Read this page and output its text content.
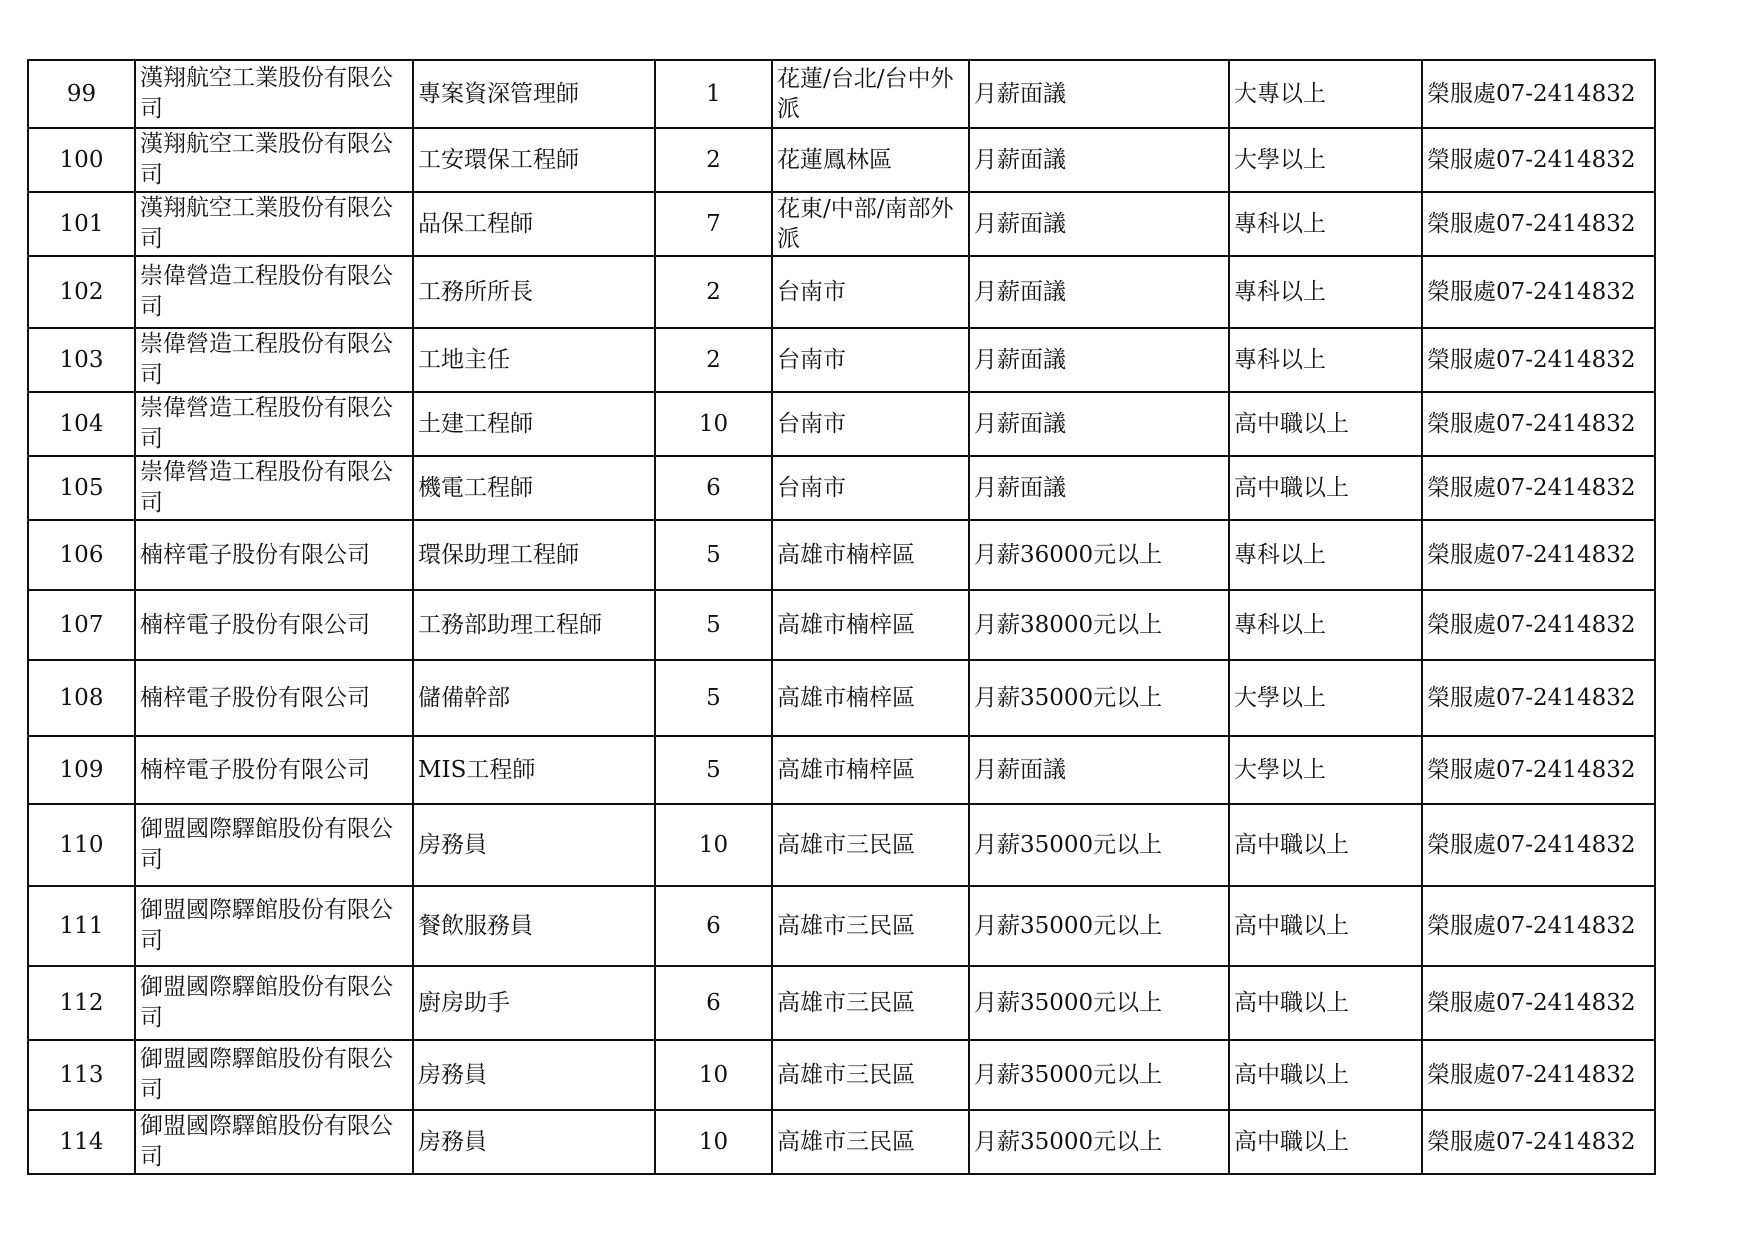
99	漢翔航空工業股份有限公司	專案資深管理師	1	花蓮/台北/台中外派	月薪面議	大專以上	榮服處07-2414832
100	漢翔航空工業股份有限公司	工安環保工程師	2	花蓮鳳林區	月薪面議	大學以上	榮服處07-2414832
101	漢翔航空工業股份有限公司	品保工程師	7	花東/中部/南部外派	月薪面議	專科以上	榮服處07-2414832
102	崇偉營造工程股份有限公司	工務所所長	2	台南市	月薪面議	專科以上	榮服處07-2414832
103	崇偉營造工程股份有限公司	工地主任	2	台南市	月薪面議	專科以上	榮服處07-2414832
104	崇偉營造工程股份有限公司	土建工程師	10	台南市	月薪面議	高中職以上	榮服處07-2414832
105	崇偉營造工程股份有限公司	機電工程師	6	台南市	月薪面議	高中職以上	榮服處07-2414832
106	楠梓電子股份有限公司	環保助理工程師	5	高雄市楠梓區	月薪36000元以上	專科以上	榮服處07-2414832
107	楠梓電子股份有限公司	工務部助理工程師	5	高雄市楠梓區	月薪38000元以上	專科以上	榮服處07-2414832
108	楠梓電子股份有限公司	儲備幹部	5	高雄市楠梓區	月薪35000元以上	大學以上	榮服處07-2414832
109	楠梓電子股份有限公司	MIS工程師	5	高雄市楠梓區	月薪面議	大學以上	榮服處07-2414832
110	御盟國際驛館股份有限公司	房務員	10	高雄市三民區	月薪35000元以上	高中職以上	榮服處07-2414832
111	御盟國際驛館股份有限公司	餐飲服務員	6	高雄市三民區	月薪35000元以上	高中職以上	榮服處07-2414832
112	御盟國際驛館股份有限公司	廚房助手	6	高雄市三民區	月薪35000元以上	高中職以上	榮服處07-2414832
113	御盟國際驛館股份有限公司	房務員	10	高雄市三民區	月薪35000元以上	高中職以上	榮服處07-2414832
114	御盟國際驛館股份有限公司	房務員	10	高雄市三民區	月薪35000元以上	高中職以上	榮服處07-2414832
